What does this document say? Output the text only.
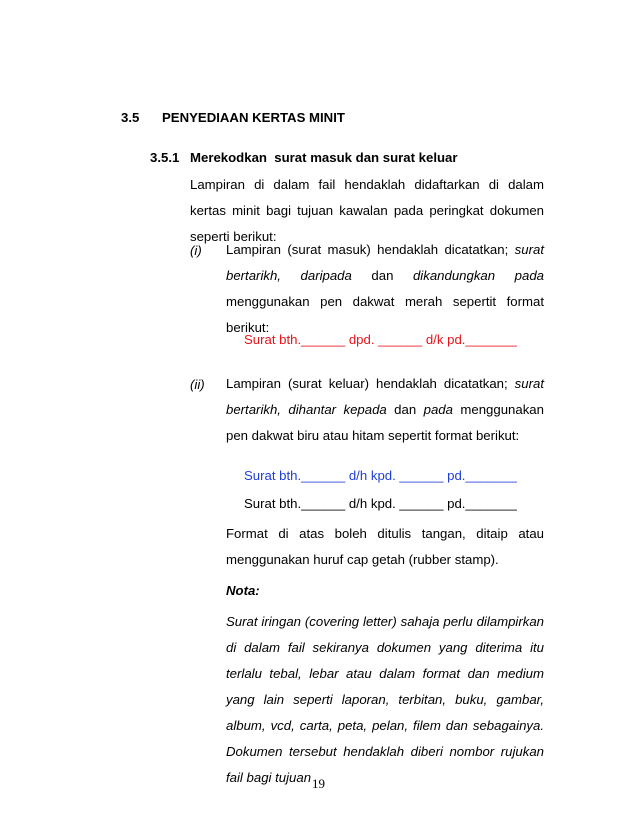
3.5 PENYEDIAAN KERTAS MINIT
3.5.1 Merekodkan  surat masuk dan surat keluar
Lampiran di dalam fail hendaklah didaftarkan di dalam kertas minit bagi tujuan kawalan pada peringkat dokumen seperti berikut:
(i) Lampiran (surat masuk) hendaklah dicatatkan; surat bertarikh, daripada dan dikandungkan pada menggunakan pen dakwat merah sepertit format berikut:
Surat bth.______ dpd. ______ d/k pd._______
(ii) Lampiran (surat keluar) hendaklah dicatatkan; surat bertarikh, dihantar kepada dan pada menggunakan pen dakwat biru atau hitam sepertit format berikut:
Surat bth.______ d/h kpd. ______ pd._______
Surat bth.______ d/h kpd. ______ pd._______
Format di atas boleh ditulis tangan, ditaip atau menggunakan huruf cap getah (rubber stamp).
Nota:
Surat iringan (covering letter) sahaja perlu dilampirkan di dalam fail sekiranya dokumen yang diterima itu terlalu tebal, lebar atau dalam format dan medium yang lain seperti laporan, terbitan, buku, gambar, album, vcd, carta, peta, pelan, filem dan sebagainya. Dokumen tersebut hendaklah diberi nombor rujukan fail bagi tujuan 19
